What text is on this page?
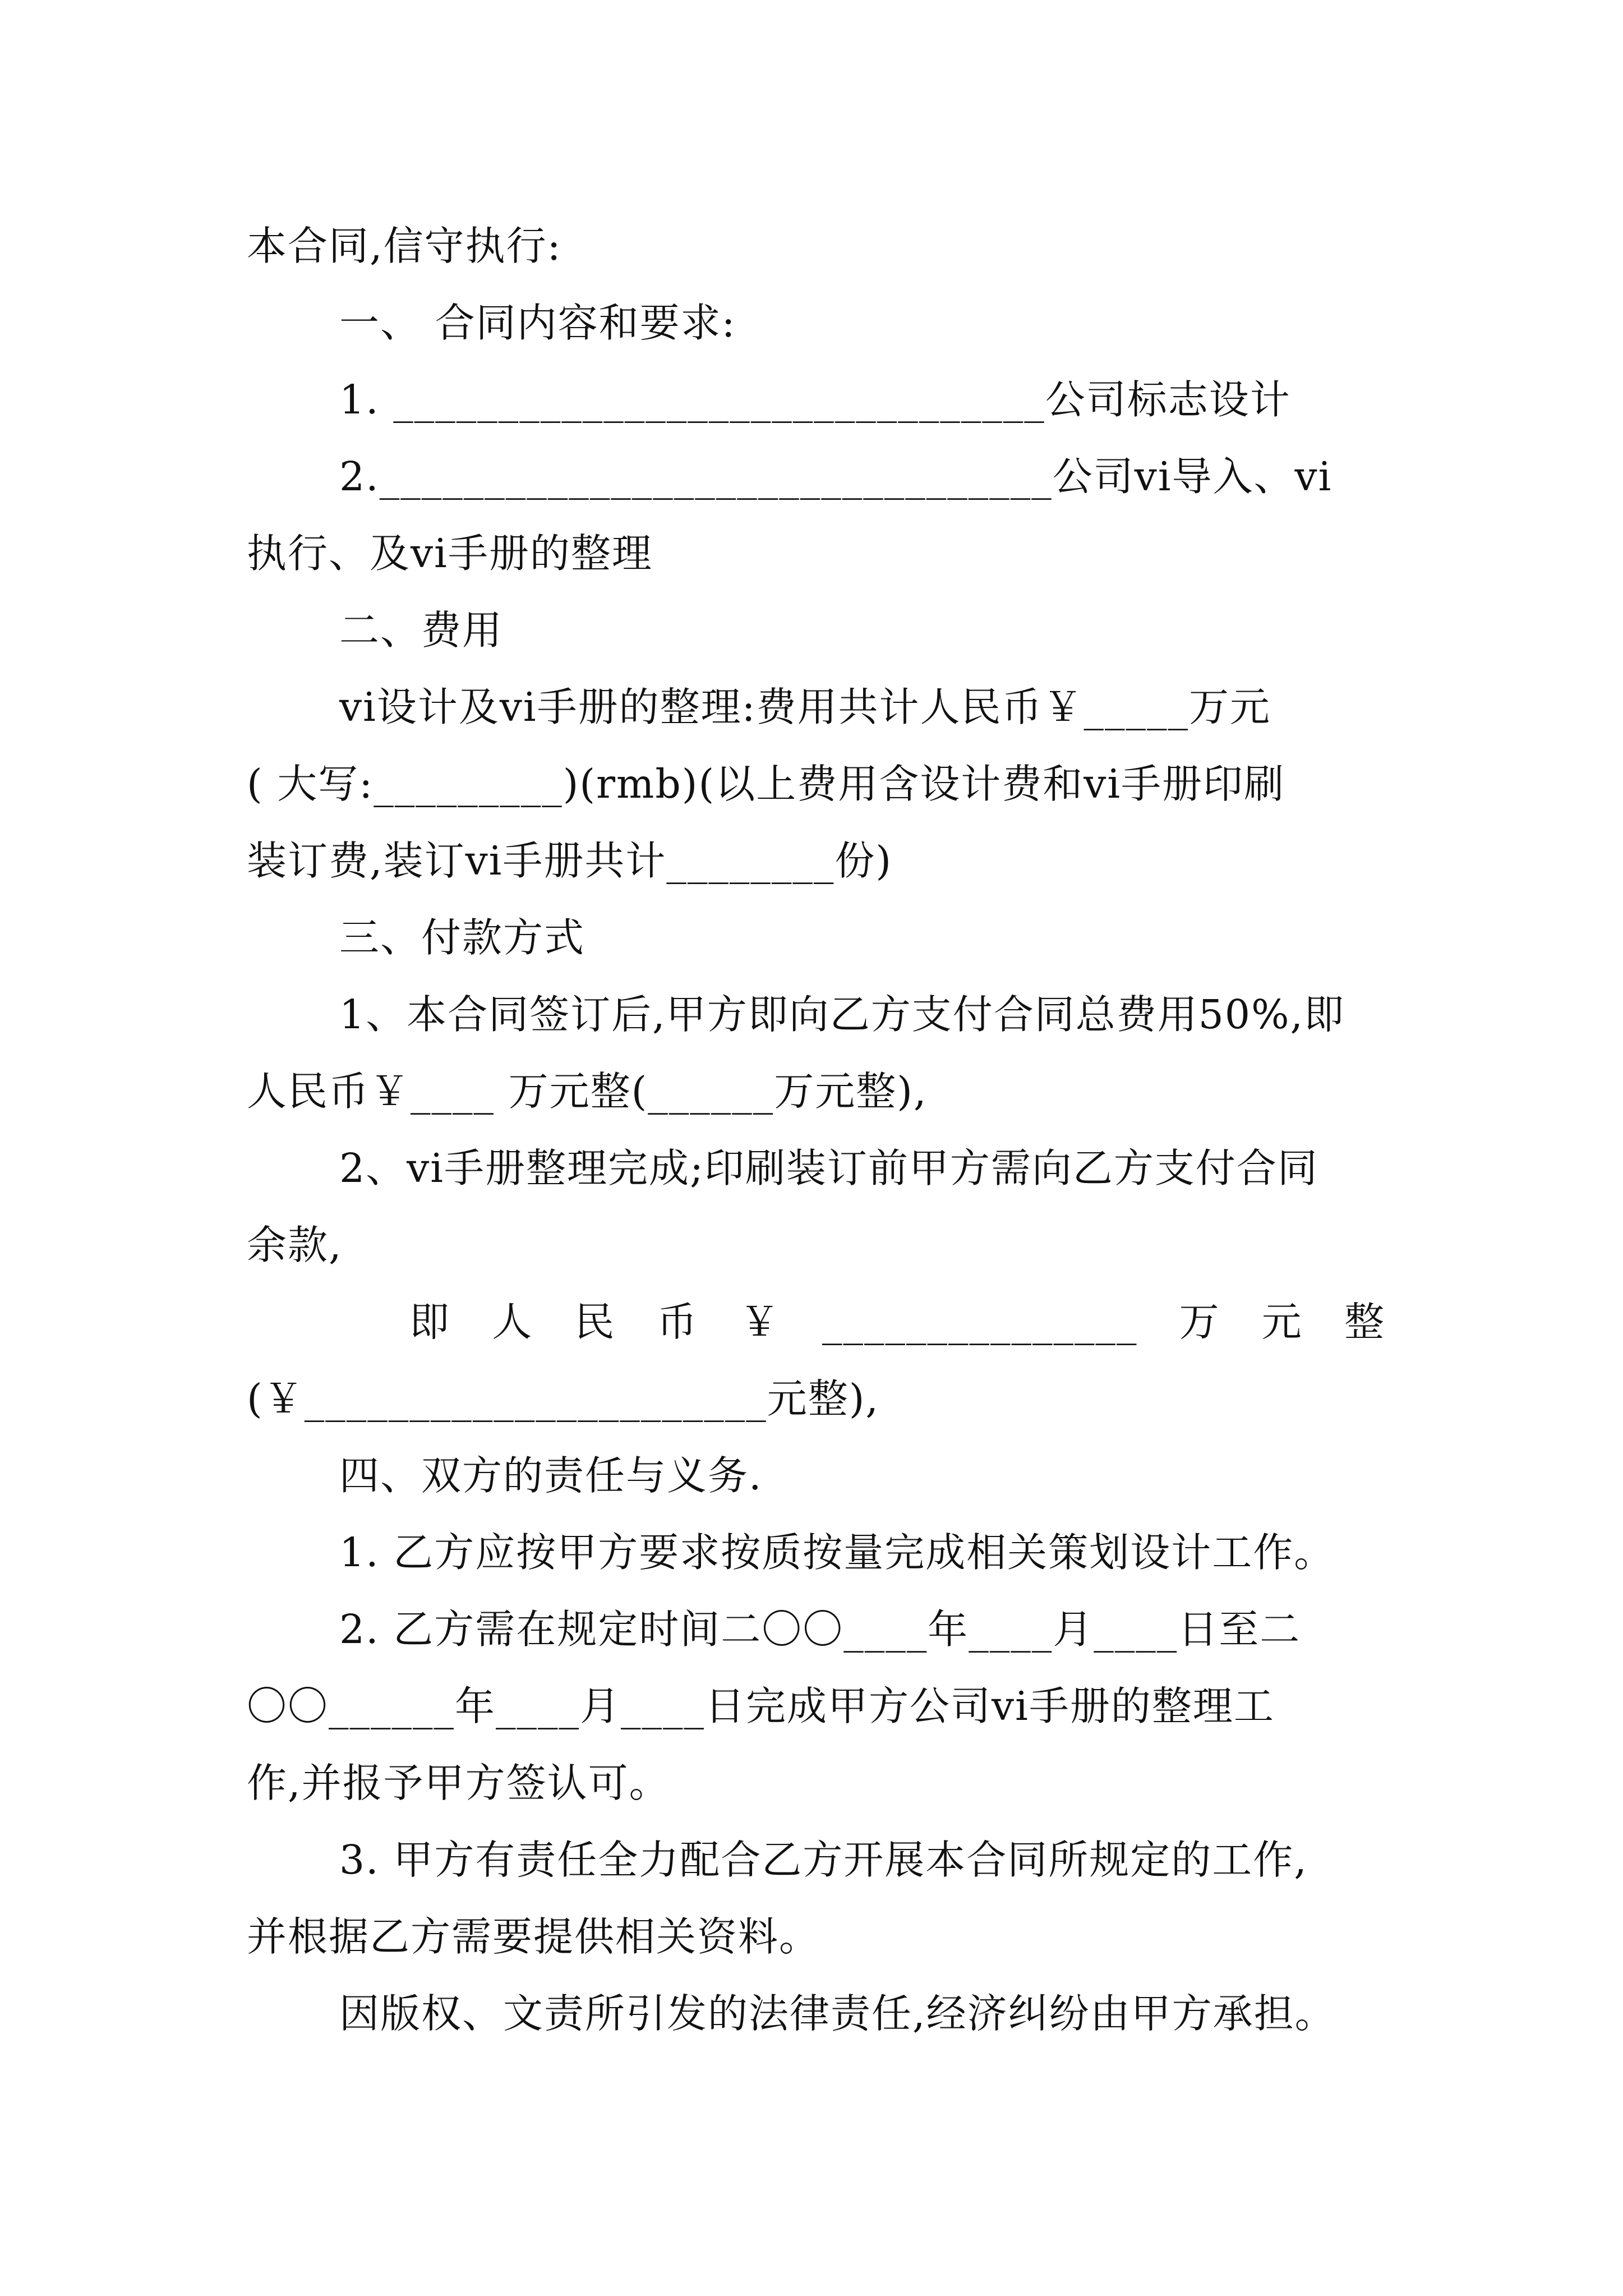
本合同,信守执行:
一、 合同内容和要求:
1. _______________________________公司标志设计
2.________________________________公司vi导入、vi
执行、及vi手册的整理
二、费用
vi设计及vi手册的整理:费用共计人民币￥_____万元
( 大写:_________)(rmb)(以上费用含设计费和vi手册印刷
装订费,装订vi手册共计________份)
三、付款方式
1、本合同签订后,甲方即向乙方支付合同总费用50%,即
人民币￥____ 万元整(______万元整),
2、vi手册整理完成;印刷装订前甲方需向乙方支付合同
余款,
即 人 民 币 ￥ _______________ 万 元 整
(￥______________________元整),
四、双方的责任与义务.
1. 乙方应按甲方要求按质按量完成相关策划设计工作。
2. 乙方需在规定时间二〇〇____年____月____日至二
〇〇______年____月____日完成甲方公司vi手册的整理工
作,并报予甲方签认可。
3. 甲方有责任全力配合乙方开展本合同所规定的工作,
并根据乙方需要提供相关资料。
因版权、文责所引发的法律责任,经济纠纷由甲方承担。
